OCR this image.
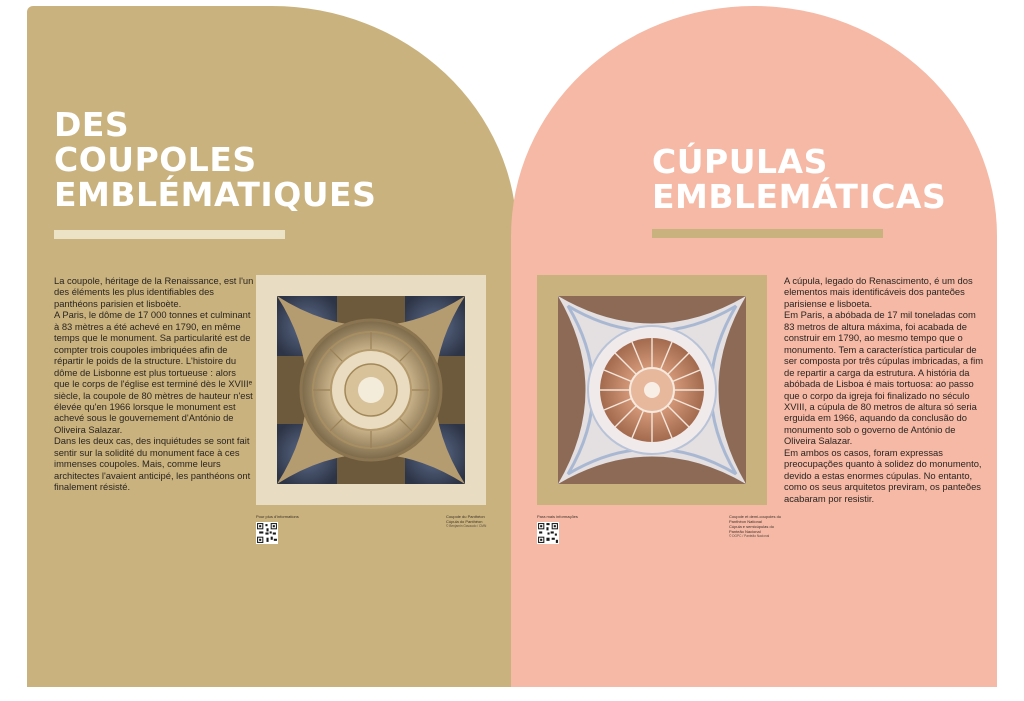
DES
COUPOLES
EMBLÉMATIQUES

La coupole, héritage de la Renaissance, est l'un des éléments les plus identifiables des panthéons parisien et lisboète.
A Paris, le dôme de 17 000 tonnes et culminant à 83 mètres a été achevé en 1790, en même temps que le monument. Sa particularité est de compter trois coupoles imbriquées afin de répartir le poids de la structure. L'histoire du dôme de Lisbonne est plus tortueuse : alors que le corps de l'église est terminé dès le XVIIIᵉ siècle, la coupole de 80 mètres de hauteur n'est élevée qu'en 1966 lorsque le monument est achevé sous le gouvernement d'António de Oliveira Salazar.
Dans les deux cas, des inquiétudes se sont fait sentir sur la solidité du monument face à ces immenses coupoles. Mais, comme leurs architectes l'avaient anticipé, les panthéons ont finalement résisté.

Pour plus d'informations	Coupole du Panthéon
Cúpula do Panthéon
© Benjamin Gavaudo / CMN
CÚPULAS
EMBLEMÁTICAS

A cúpula, legado do Renascimento, é um dos elementos mais identificáveis dos panteões parisiense e lisboeta.
Em Paris, a abóbada de 17 mil toneladas com 83 metros de altura máxima, foi acabada de construir em 1790, ao mesmo tempo que o monumento. Tem a característica particular de ser composta por três cúpulas imbricadas, a fim de repartir a carga da estrutura. A história da abóbada de Lisboa é mais tortuosa: ao passo que o corpo da igreja foi finalizado no século XVIII, a cúpula de 80 metros de altura só seria erguida em 1966, aquando da conclusão do monumento sob o governo de António de Oliveira Salazar.
Em ambos os casos, foram expressas preocupações quanto à solidez do monumento, devido a estas enormes cúpulas. No entanto, como os seus arquitetos previram, os panteões acabaram por resistir.

Para mais informações	Coupole et demi-coupoles du Panthéon National
Cúpula e semicúpulas do Panteão Nacional
© DGPC / Panteão Nacional
